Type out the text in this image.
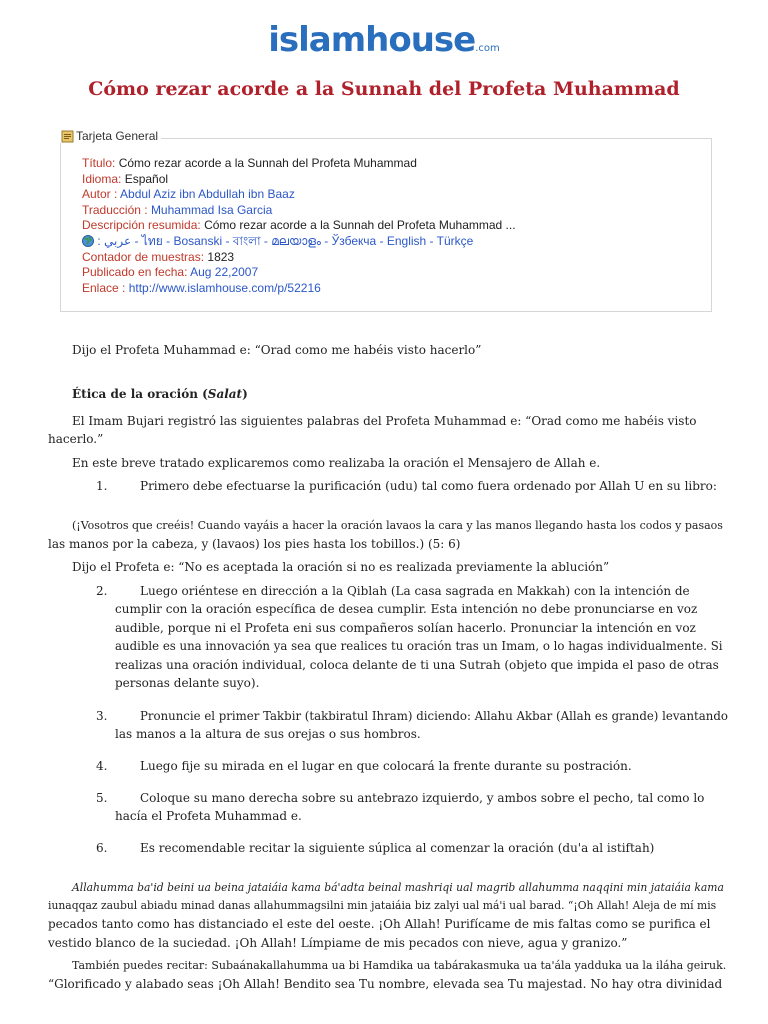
islamhouse.com
Cómo rezar acorde a la Sunnah del Profeta Muhammad
Tarjeta General
Título: Cómo rezar acorde a la Sunnah del Profeta Muhammad
Idioma: Español
Autor : Abdul Aziz ibn Abdullah ibn Baaz
Traducción : Muhammad Isa Garcia
Descripción resumida: Cómo rezar acorde a la Sunnah del Profeta Muhammad ...
: عربي - ไทย - Bosanski - বাংলা - മലയാളം - Ўзбекча - English - Türkçe
Contador de muestras: 1823
Publicado en fecha: Aug 22,2007
Enlace : http://www.islamhouse.com/p/52216
Dijo el Profeta Muhammad e: “Orad como me habéis visto hacerlo”
Ética de la oración (Salat)
El Imam Bujari registró las siguientes palabras del Profeta Muhammad e: “Orad como me habéis visto
hacerlo.”
En este breve tratado explicaremos como realizaba la oración el Mensajero de Allah e.
1.	Primero debe efectuarse la purificación (udu) tal como fuera ordenado por Allah U en su libro:
(¡Vosotros que creéis! Cuando vayáis a hacer la oración lavaos la cara y las manos llegando hasta los codos y pasaos
las manos por la cabeza, y (lavaos) los pies hasta los tobillos.) (5: 6)
Dijo el Profeta e: “No es aceptada la oración si no es realizada previamente la ablución”
2.	Luego oriéntese en dirección a la Qiblah (La casa sagrada en Makkah) con la intención de
cumplir con la oración específica de desea cumplir. Esta intención no debe pronunciarse en voz
audible, porque ni el Profeta eni sus compañeros solían hacerlo. Pronunciar la intención en voz
audible es una innovación ya sea que realices tu oración tras un Imam, o lo hagas individualmente. Si
realizas una oración individual, coloca delante de ti una Sutrah (objeto que impida el paso de otras
personas delante suyo).
3.	Pronuncie el primer Takbir (takbiratul Ihram) diciendo: Allahu Akbar (Allah es grande) levantando
las manos a la altura de sus orejas o sus hombros.
4.	Luego fije su mirada en el lugar en que colocará la frente durante su postración.
5.	Coloque su mano derecha sobre su antebrazo izquierdo, y ambos sobre el pecho, tal como lo
hacía el Profeta Muhammad e.
6.	Es recomendable recitar la siguiente súplica al comenzar la oración (du'a al istiftah)
Allahumma ba'id beini ua beina jataiáia kama bá'adta beinal mashriqi ual magrib allahumma naqqini min jataiáia kama
iunaqqaz zaubul abiadu minad danas allahummagsilni min jataiáia biz zalyi ual má'i ual barad. “¡Oh Allah! Aleja de mí mis
pecados tanto como has distanciado el este del oeste. ¡Oh Allah! Purifícame de mis faltas como se purifica el
vestido blanco de la suciedad. ¡Oh Allah! Límpiame de mis pecados con nieve, agua y granizo.”
También puedes recitar: Subaánakallahumma ua bi Hamdika ua tabárakasmuka ua ta'ála yadduka ua la iláha geiruk.
“Glorificado y alabado seas ¡Oh Allah! Bendito sea Tu nombre, elevada sea Tu majestad. No hay otra divinidad
